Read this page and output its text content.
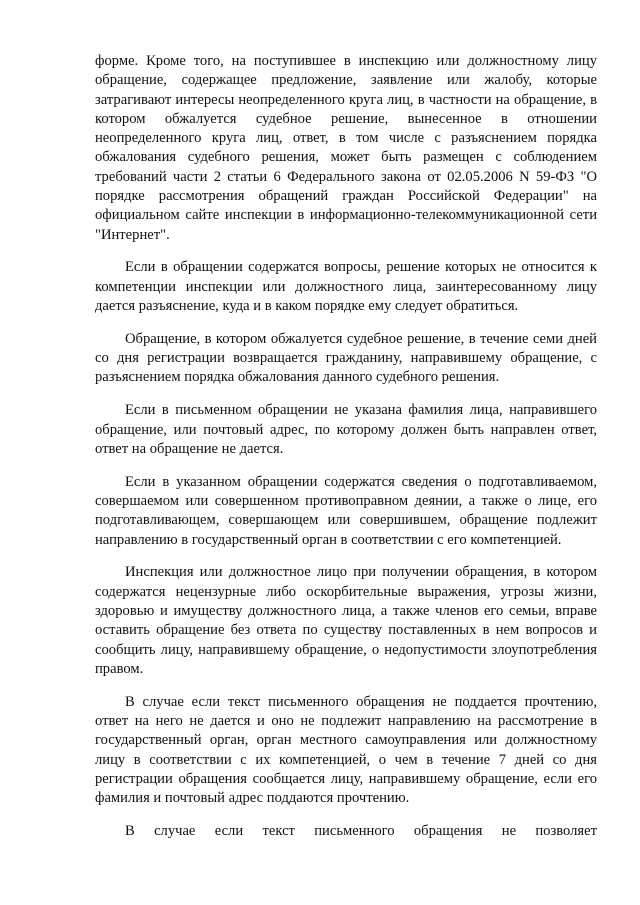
форме. Кроме того, на поступившее в инспекцию или должностному лицу обращение, содержащее предложение, заявление или жалобу, которые затрагивают интересы неопределенного круга лиц, в частности на обращение, в котором обжалуется судебное решение, вынесенное в отношении неопределенного круга лиц, ответ, в том числе с разъяснением порядка обжалования судебного решения, может быть размещен с соблюдением требований части 2 статьи 6 Федерального закона от 02.05.2006 N 59-ФЗ "О порядке рассмотрения обращений граждан Российской Федерации" на официальном сайте инспекции в информационно-телекоммуникационной сети "Интернет".

Если в обращении содержатся вопросы, решение которых не относится к компетенции инспекции или должностного лица, заинтересованному лицу дается разъяснение, куда и в каком порядке ему следует обратиться.

Обращение, в котором обжалуется судебное решение, в течение семи дней со дня регистрации возвращается гражданину, направившему обращение, с разъяснением порядка обжалования данного судебного решения.

Если в письменном обращении не указана фамилия лица, направившего обращение, или почтовый адрес, по которому должен быть направлен ответ, ответ на обращение не дается.

Если в указанном обращении содержатся сведения о подготавливаемом, совершаемом или совершенном противоправном деянии, а также о лице, его подготавливающем, совершающем или совершившем, обращение подлежит направлению в государственный орган в соответствии с его компетенцией.

Инспекция или должностное лицо при получении обращения, в котором содержатся нецензурные либо оскорбительные выражения, угрозы жизни, здоровью и имуществу должностного лица, а также членов его семьи, вправе оставить обращение без ответа по существу поставленных в нем вопросов и сообщить лицу, направившему обращение, о недопустимости злоупотребления правом.

В случае если текст письменного обращения не поддается прочтению, ответ на него не дается и оно не подлежит направлению на рассмотрение в государственный орган, орган местного самоуправления или должностному лицу в соответствии с их компетенцией, о чем в течение 7 дней со дня регистрации обращения сообщается лицу, направившему обращение, если его фамилия и почтовый адрес поддаются прочтению.

В случае если текст письменного обращения не позволяет
